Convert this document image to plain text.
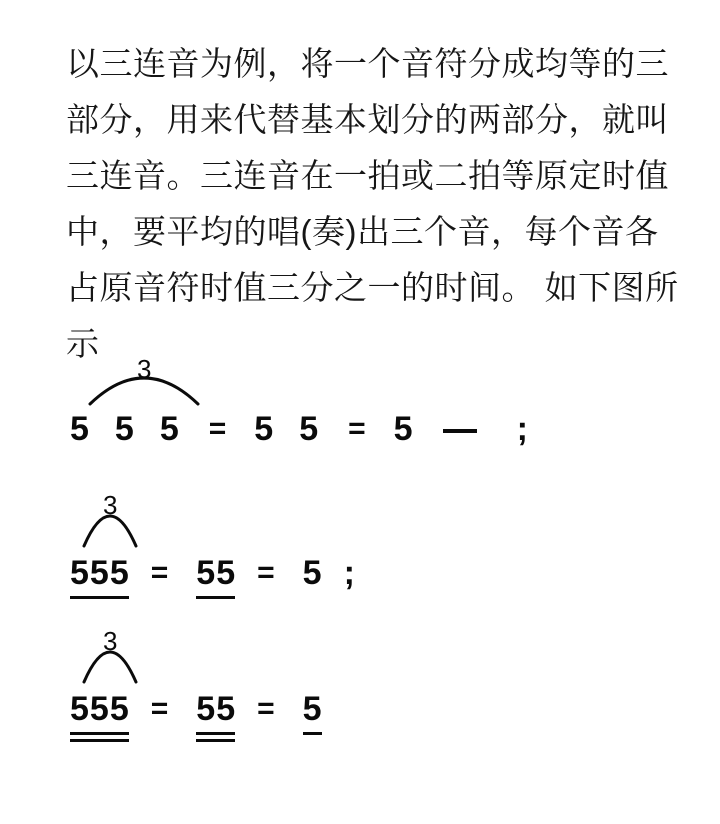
以三连音为例，将一个音符分成均等的三
部分，用来代替基本划分的两部分，就叫
三连音。三连音在一拍或二拍等原定时值
中，要平均的唱(奏)出三个音，每个音各
占原音符时值三分之一的时间。 如下图所
示
5 5 5
3
= 5 5 = 5	;
5 5 5
3
= 5 5 = 5 ;
5 5 5
3
= 5 5 = 5
